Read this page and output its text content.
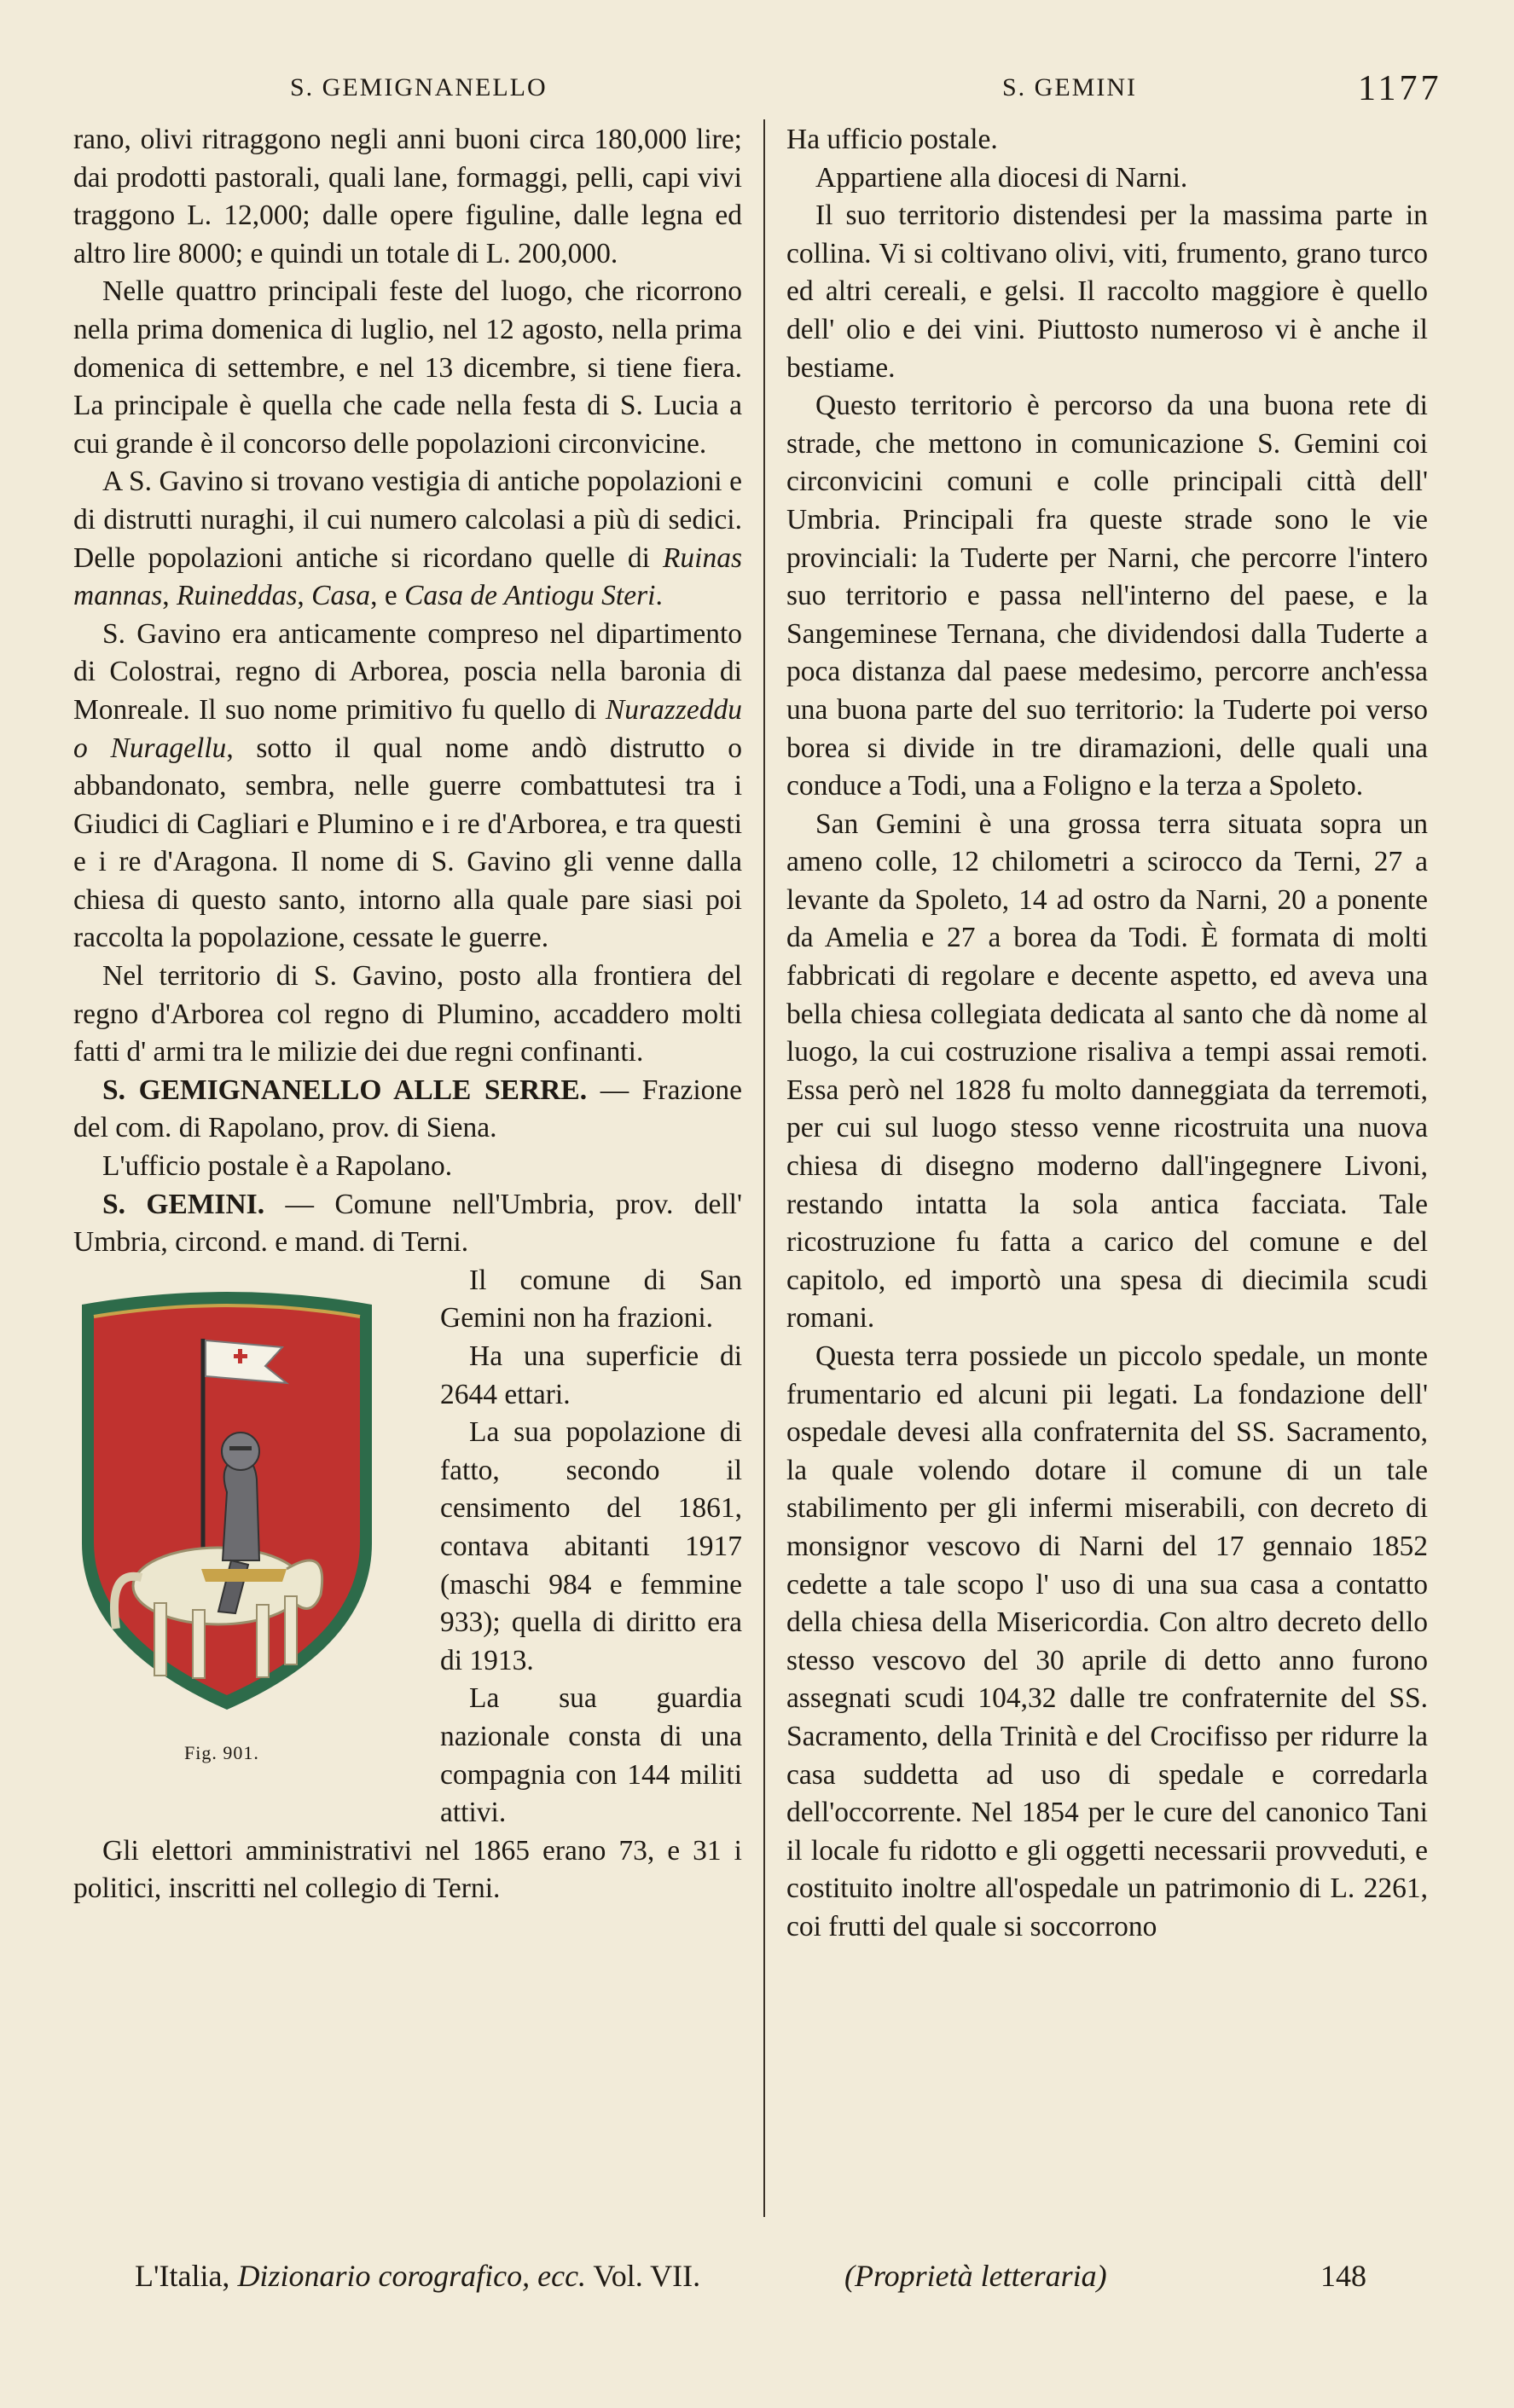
S. GEMIGNANELLO	S. GEMINI	1177

rano, olivi ritraggono negli anni buoni circa 180,000 lire; dai prodotti pastorali, quali lane, formaggi, pelli, capi vivi traggono L. 12,000; dalle opere figuline, dalle legna ed altro lire 8000; e quindi un totale di L. 200,000.

Nelle quattro principali feste del luogo, che ricorrono nella prima domenica di luglio, nel 12 agosto, nella prima domenica di settembre, e nel 13 dicembre, si tiene fiera. La principale è quella che cade nella festa di S. Lucia a cui grande è il concorso delle popolazioni circonvicine.

A S. Gavino si trovano vestigia di antiche popolazioni e di distrutti nuraghi, il cui numero calcolasi a più di sedici. Delle popolazioni antiche si ricordano quelle di Ruinas mannas, Ruineddas, Casa, e Casa de Antiogu Steri.

S. Gavino era anticamente compreso nel dipartimento di Colostrai, regno di Arborea, poscia nella baronia di Monreale. Il suo nome primitivo fu quello di Nurazzeddu o Nuragellu, sotto il qual nome andò distrutto o abbandonato, sembra, nelle guerre combattutesi tra i Giudici di Cagliari e Plumino e i re d'Arborea, e tra questi e i re d'Aragona. Il nome di S. Gavino gli venne dalla chiesa di questo santo, intorno alla quale pare siasi poi raccolta la popolazione, cessate le guerre.

Nel territorio di S. Gavino, posto alla frontiera del regno d'Arborea col regno di Plumino, accaddero molti fatti d' armi tra le milizie dei due regni confinanti.

S. GEMIGNANELLO ALLE SERRE. — Frazione del com. di Rapolano, prov. di Siena.

L'ufficio postale è a Rapolano.

S. GEMINI. — Comune nell'Umbria, prov. dell' Umbria, circond. e mand. di Terni.

Fig. 901.

Il comune di San Gemini non ha frazioni.

Ha una superficie di 2644 ettari.

La sua popolazione di fatto, secondo il censimento del 1861, contava abitanti 1917 (maschi 984 e femmine 933); quella di diritto era di 1913.

La sua guardia nazionale consta di una compagnia con 144 militi attivi.

Gli elettori amministrativi nel 1865 erano 73, e 31 i politici, inscritti nel collegio di Terni.

Ha ufficio postale.

Appartiene alla diocesi di Narni.

Il suo territorio distendesi per la massima parte in collina. Vi si coltivano olivi, viti, frumento, grano turco ed altri cereali, e gelsi. Il raccolto maggiore è quello dell' olio e dei vini. Piuttosto numeroso vi è anche il bestiame.

Questo territorio è percorso da una buona rete di strade, che mettono in comunicazione S. Gemini coi circonvicini comuni e colle principali città dell' Umbria. Principali fra queste strade sono le vie provinciali: la Tuderte per Narni, che percorre l'intero suo territorio e passa nell'interno del paese, e la Sangeminese Ternana, che dividendosi dalla Tuderte a poca distanza dal paese medesimo, percorre anch'essa una buona parte del suo territorio: la Tuderte poi verso borea si divide in tre diramazioni, delle quali una conduce a Todi, una a Foligno e la terza a Spoleto.

San Gemini è una grossa terra situata sopra un ameno colle, 12 chilometri a scirocco da Terni, 27 a levante da Spoleto, 14 ad ostro da Narni, 20 a ponente da Amelia e 27 a borea da Todi. È formata di molti fabbricati di regolare e decente aspetto, ed aveva una bella chiesa collegiata dedicata al santo che dà nome al luogo, la cui costruzione risaliva a tempi assai remoti. Essa però nel 1828 fu molto danneggiata da terremoti, per cui sul luogo stesso venne ricostruita una nuova chiesa di disegno moderno dall'ingegnere Livoni, restando intatta la sola antica facciata. Tale ricostruzione fu fatta a carico del comune e del capitolo, ed importò una spesa di diecimila scudi romani.

Questa terra possiede un piccolo spedale, un monte frumentario ed alcuni pii legati. La fondazione dell' ospedale devesi alla confraternita del SS. Sacramento, la quale volendo dotare il comune di un tale stabilimento per gli infermi miserabili, con decreto di monsignor vescovo di Narni del 17 gennaio 1852 cedette a tale scopo l' uso di una sua casa a contatto della chiesa della Misericordia. Con altro decreto dello stesso vescovo del 30 aprile di detto anno furono assegnati scudi 104,32 dalle tre confraternite del SS. Sacramento, della Trinità e del Crocifisso per ridurre la casa suddetta ad uso di spedale e corredarla dell'occorrente. Nel 1854 per le cure del canonico Tani il locale fu ridotto e gli oggetti necessarii provveduti, e costituito inoltre all'ospedale un patrimonio di L. 2261, coi frutti del quale si soccorrono

L'Italia, Dizionario corografico, ecc. Vol. VII.	(Proprietà letteraria)	148
